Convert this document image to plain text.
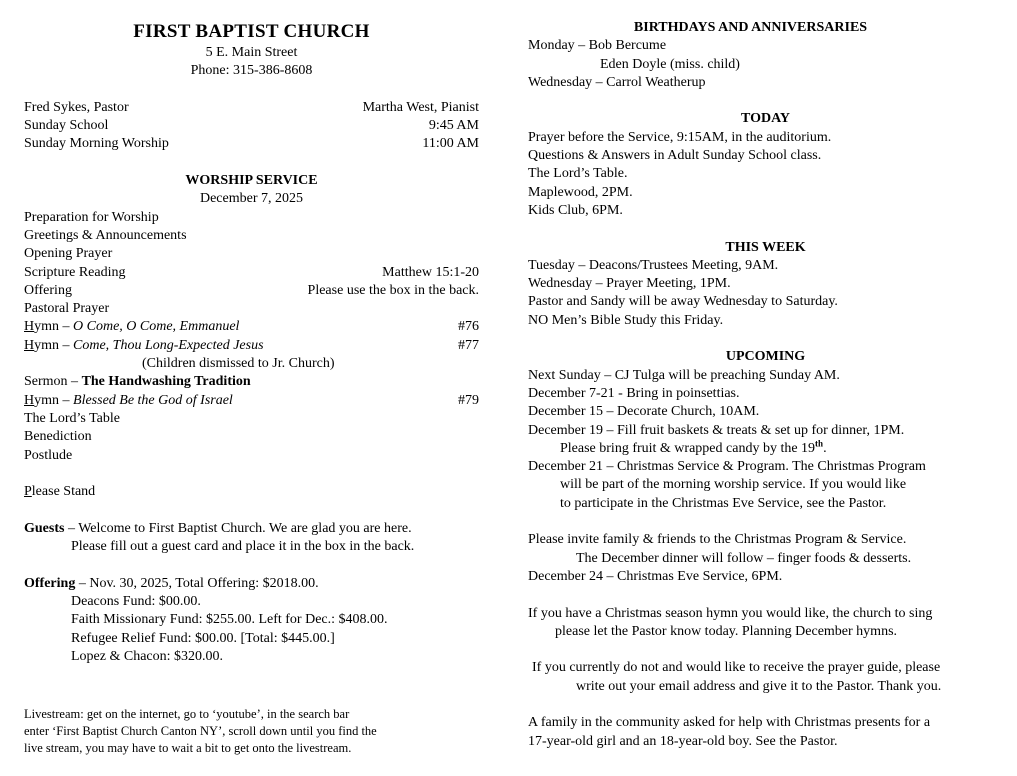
FIRST BAPTIST CHURCH
5 E. Main Street
Phone: 315-386-8608
Fred Sykes, Pastor	Martha West, Pianist
Sunday School	9:45 AM
Sunday Morning Worship	11:00 AM
WORSHIP SERVICE
December 7, 2025
Preparation for Worship
Greetings & Announcements
Opening Prayer
Scripture Reading	Matthew 15:1-20
Offering	Please use the box in the back.
Pastoral Prayer
Hymn – O Come, O Come, Emmanuel	#76
Hymn – Come, Thou Long-Expected Jesus	#77
(Children dismissed to Jr. Church)
Sermon – The Handwashing Tradition
Hymn – Blessed Be the God of Israel	#79
The Lord’s Table
Benediction
Postlude
Please Stand
Guests – Welcome to First Baptist Church. We are glad you are here.
Please fill out a guest card and place it in the box in the back.
Offering – Nov. 30, 2025, Total Offering: $2018.00.
Deacons Fund: $00.00.
Faith Missionary Fund: $255.00. Left for Dec.: $408.00.
Refugee Relief Fund: $00.00. [Total: $445.00.]
Lopez & Chacon: $320.00.
Livestream: get on the internet, go to ‘youtube’, in the search bar
enter ‘First Baptist Church Canton NY’, scroll down until you find the
live stream, you may have to wait a bit to get onto the livestream.
BIRTHDAYS AND ANNIVERSARIES
Monday – Bob Bercume
Eden Doyle (miss. child)
Wednesday – Carrol Weatherup
TODAY
Prayer before the Service, 9:15AM, in the auditorium.
Questions & Answers in Adult Sunday School class.
The Lord’s Table.
Maplewood, 2PM.
Kids Club, 6PM.
THIS WEEK
Tuesday – Deacons/Trustees Meeting, 9AM.
Wednesday – Prayer Meeting, 1PM.
Pastor and Sandy will be away Wednesday to Saturday.
NO Men’s Bible Study this Friday.
UPCOMING
Next Sunday – CJ Tulga will be preaching Sunday AM.
December 7-21 - Bring in poinsettias.
December 15 – Decorate Church, 10AM.
December 19 – Fill fruit baskets & treats & set up for dinner, 1PM.
Please bring fruit & wrapped candy by the 19th.
December 21 – Christmas Service & Program. The Christmas Program
will be part of the morning worship service. If you would like
to participate in the Christmas Eve Service, see the Pastor.
Please invite family & friends to the Christmas Program & Service.
The December dinner will follow – finger foods & desserts.
December 24 – Christmas Eve Service, 6PM.
If you have a Christmas season hymn you would like, the church to sing
please let the Pastor know today. Planning December hymns.
If you currently do not and would like to receive the prayer guide, please
write out your email address and give it to the Pastor. Thank you.
A family in the community asked for help with Christmas presents for a
17-year-old girl and an 18-year-old boy. See the Pastor.
